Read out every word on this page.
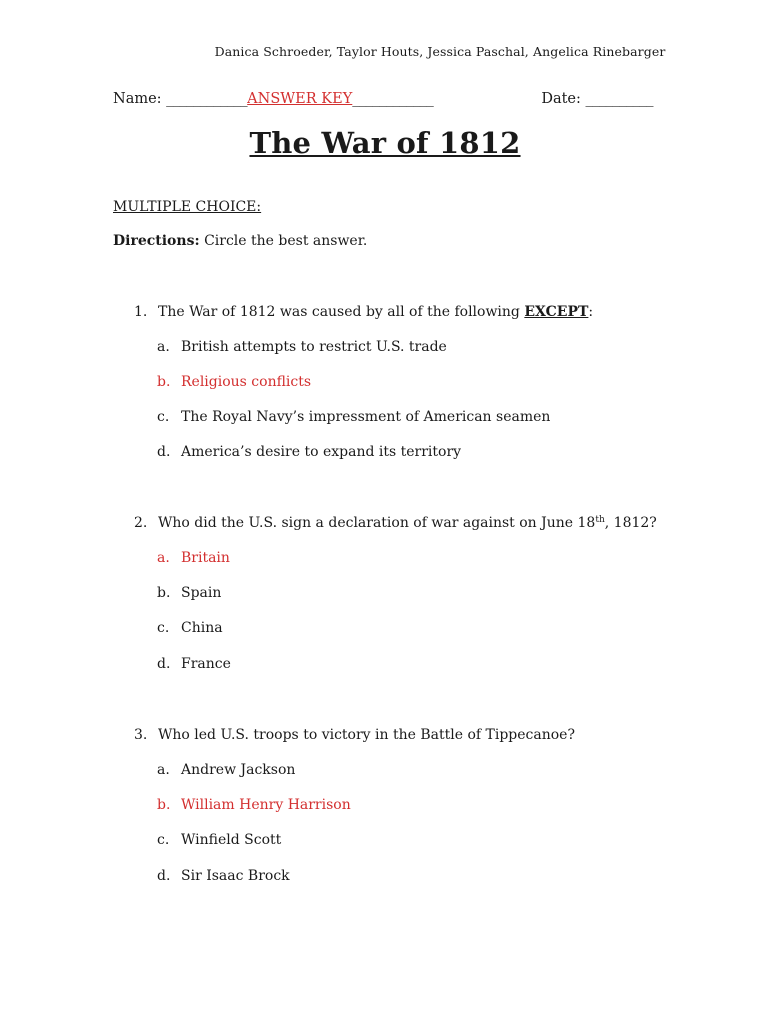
Danica Schroeder, Taylor Houts, Jessica Paschal, Angelica Rinebarger
Name: ____________ANSWER KEY____________	Date: __________
The War of 1812
MULTIPLE CHOICE:
Directions: Circle the best answer.
1. The War of 1812 was caused by all of the following EXCEPT:
a. British attempts to restrict U.S. trade
b. Religious conflicts
c. The Royal Navy’s impressment of American seamen
d. America’s desire to expand its territory
2. Who did the U.S. sign a declaration of war against on June 18th, 1812?
a. Britain
b. Spain
c. China
d. France
3. Who led U.S. troops to victory in the Battle of Tippecanoe?
a. Andrew Jackson
b. William Henry Harrison
c. Winfield Scott
d. Sir Isaac Brock
